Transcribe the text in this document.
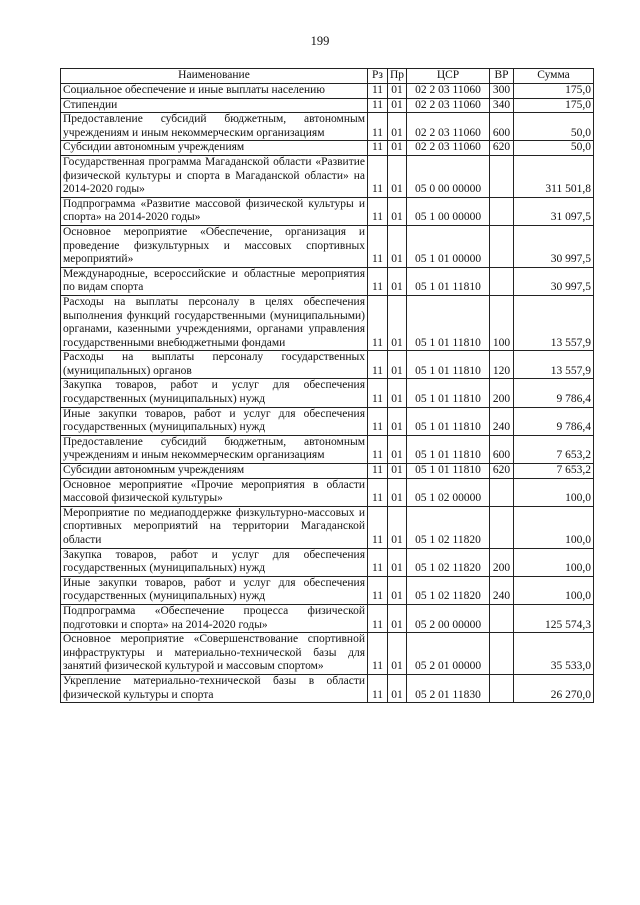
199
Наименование	Рз	Пр	ЦСР	ВР	Сумма
Социальное обеспечение и иные выплаты населению	11	01	02 2 03 11060	300	175,0
Стипендии	11	01	02 2 03 11060	340	175,0
Предоставление субсидий бюджетным, автономным учреждениям и иным некоммерческим организациям	11	01	02 2 03 11060	600	50,0
Субсидии автономным учреждениям	11	01	02 2 03 11060	620	50,0
Государственная программа Магаданской области «Развитие физической культуры и спорта в Магаданской области» на 2014-2020 годы»	11	01	05 0 00 00000		311 501,8
Подпрограмма «Развитие массовой физической культуры и спорта» на 2014-2020 годы»	11	01	05 1 00 00000		31 097,5
Основное мероприятие «Обеспечение, организация и проведение физкультурных и массовых спортивных мероприятий»	11	01	05 1 01 00000		30 997,5
Международные, всероссийские и областные мероприятия по видам спорта	11	01	05 1 01 11810		30 997,5
Расходы на выплаты персоналу в целях обеспечения выполнения функций государственными (муниципальными) органами, казенными учреждениями, органами управления государственными внебюджетными фондами	11	01	05 1 01 11810	100	13 557,9
Расходы на выплаты персоналу государственных (муниципальных) органов	11	01	05 1 01 11810	120	13 557,9
Закупка товаров, работ и услуг для обеспечения государственных (муниципальных) нужд	11	01	05 1 01 11810	200	9 786,4
Иные закупки товаров, работ и услуг для обеспечения государственных (муниципальных) нужд	11	01	05 1 01 11810	240	9 786,4
Предоставление субсидий бюджетным, автономным учреждениям и иным некоммерческим организациям	11	01	05 1 01 11810	600	7 653,2
Субсидии автономным учреждениям	11	01	05 1 01 11810	620	7 653,2
Основное мероприятие «Прочие мероприятия в области массовой физической культуры»	11	01	05 1 02 00000		100,0
Мероприятие по медиаподдержке физкультурно-массовых и спортивных мероприятий на территории Магаданской области	11	01	05 1 02 11820		100,0
Закупка товаров, работ и услуг для обеспечения государственных (муниципальных) нужд	11	01	05 1 02 11820	200	100,0
Иные закупки товаров, работ и услуг для обеспечения государственных (муниципальных) нужд	11	01	05 1 02 11820	240	100,0
Подпрограмма «Обеспечение процесса физической подготовки и спорта» на 2014-2020 годы»	11	01	05 2 00 00000		125 574,3
Основное мероприятие «Совершенствование спортивной инфраструктуры и материально-технической базы для занятий физической культурой и массовым спортом»	11	01	05 2 01 00000		35 533,0
Укрепление материально-технической базы в области физической культуры и спорта	11	01	05 2 01 11830		26 270,0
